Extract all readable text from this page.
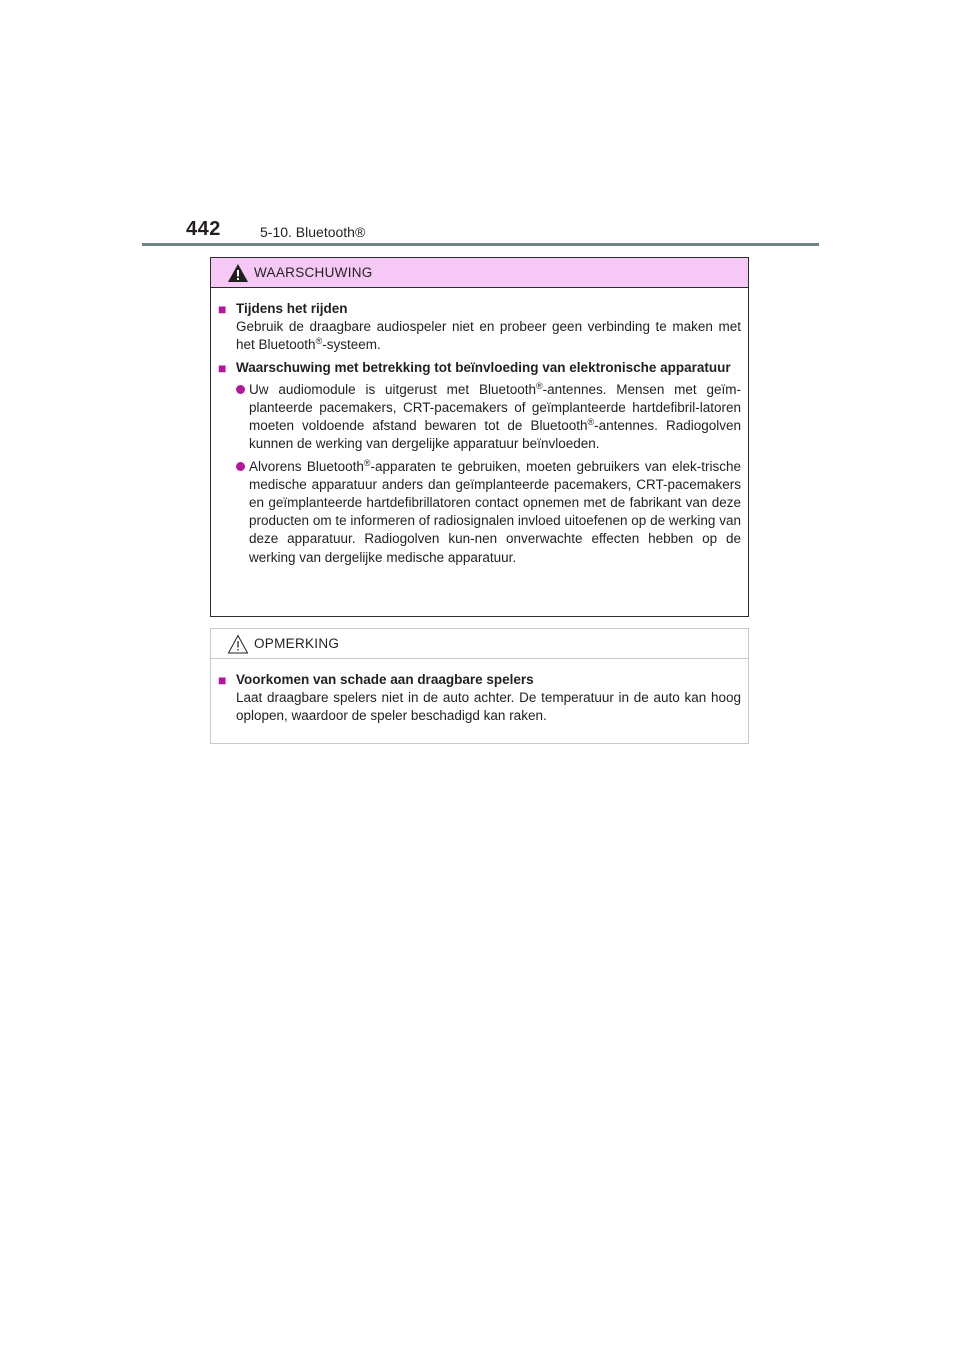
442	5-10. Bluetooth®
WAARSCHUWING
■ Tijdens het rijden
Gebruik de draagbare audiospeler niet en probeer geen verbinding te maken met het Bluetooth®-systeem.
■ Waarschuwing met betrekking tot beïnvloeding van elektronische apparatuur
Uw audiomodule is uitgerust met Bluetooth®-antennes. Mensen met geïm-planteerde pacemakers, CRT-pacemakers of geïmplanteerde hartdefibril-latoren moeten voldoende afstand bewaren tot de Bluetooth®-antennes. Radiogolven kunnen de werking van dergelijke apparatuur beïnvloeden.
Alvorens Bluetooth®-apparaten te gebruiken, moeten gebruikers van elek-trische medische apparatuur anders dan geïmplanteerde pacemakers, CRT-pacemakers en geïmplanteerde hartdefibrillatoren contact opnemen met de fabrikant van deze producten om te informeren of radiosignalen invloed uitoefenen op de werking van deze apparatuur. Radiogolven kun-nen onverwachte effecten hebben op de werking van dergelijke medische apparatuur.
OPMERKING
■ Voorkomen van schade aan draagbare spelers
Laat draagbare spelers niet in de auto achter. De temperatuur in de auto kan hoog oplopen, waardoor de speler beschadigd kan raken.
